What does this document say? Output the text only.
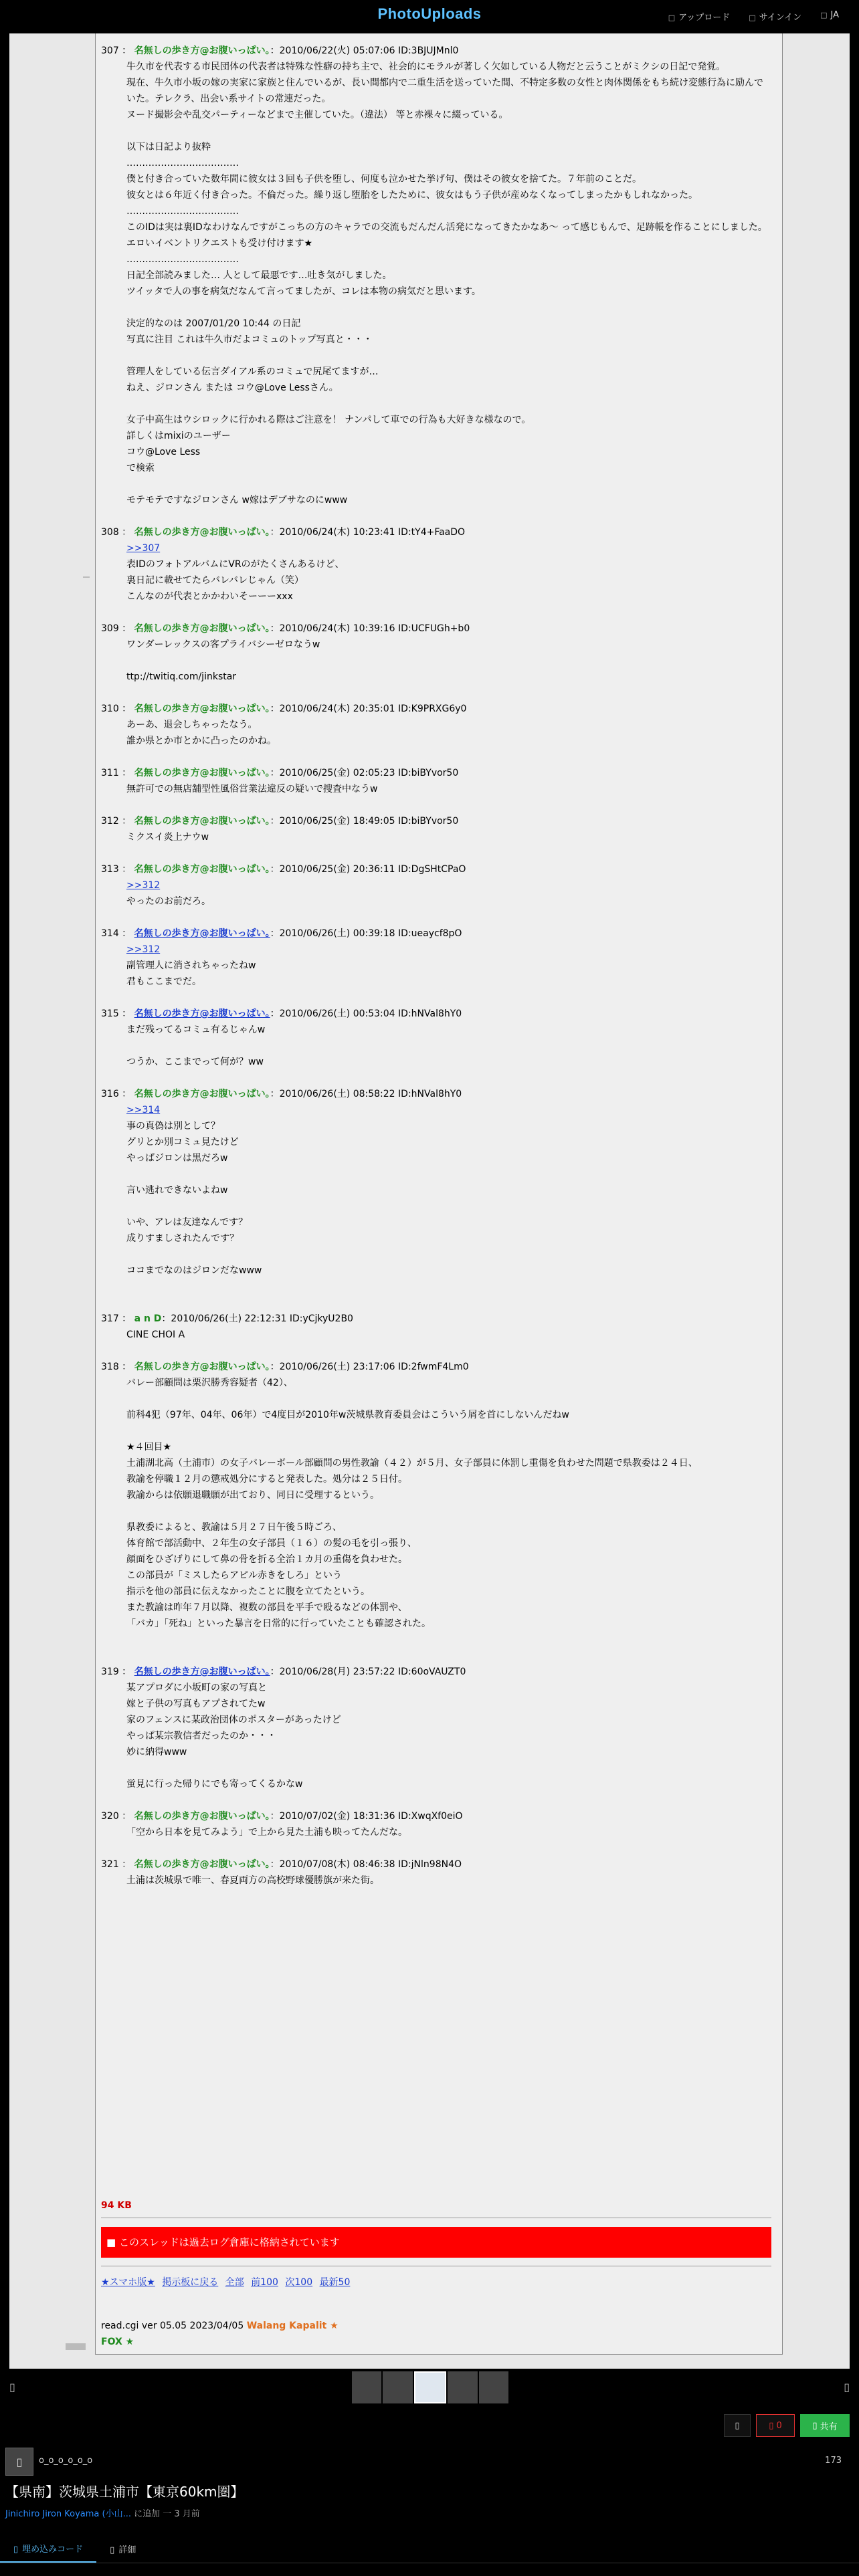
PhotoUploads	□ アップロード	□ サインイン	□ JA
307 ： 名無しの歩き方@お腹いっぱい。：2010/06/22(火) 05:07:06 ID:3BJUJMnl0
牛久市を代表する市民団体の代表者は特殊な性癖の持ち主で、社会的にモラルが著しく欠如している人物だと云うことがミクシの日記で発覚。
現在、牛久市小坂の嫁の実家に家族と住んでいるが、長い間都内で二重生活を送っていた間、不特定多数の女性と肉体関係をもち続け変態行為に励んでいた。テレクラ、出会い系サイトの常連だった。
ヌード撮影会や乱交パーティーなどまで主催していた。（違法） 等と赤裸々に綴っている。

以下は日記より抜粋
………………………………
僕と付き合っていた数年間に彼女は３回も子供を堕し、何度も泣かせた挙げ句、僕はその彼女を捨てた。７年前のことだ。
彼女とは６年近く付き合った。不倫だった。繰り返し堕胎をしたために、彼女はもう子供が産めなくなってしまったかもしれなかった。
………………………………
このIDは実は裏IDなわけなんですがこっちの方のキャラでの交流もだんだん活発になってきたかなあ～ って感じもんで、足跡帳を作ることにしました。エロいイベントリクエストも受け付けます★
………………………………
日記全部読みました… 人として最悪です…吐き気がしました。
ツイッタで人の事を病気だなんて言ってましたが、コレは本物の病気だと思います。

決定的なのは 2007/01/20 10:44 の日記
写真に注目 これは牛久市だよコミュのトップ写真と・・・

管理人をしている伝言ダイアル系のコミュで尻尾てますが…
ねえ、ジロンさん または コウ@Love Lessさん。

女子中高生はウシロックに行かれる際はご注意を！ ナンパして車での行為も大好きな様なので。
詳しくはmixiのユーザー
コウ@Love Less
で検索

モテモテですなジロンさん w嫁はデブサなのにwww
308 ： 名無しの歩き方@お腹いっぱい。：2010/06/24(木) 10:23:41 ID:tY4+FaaDO
>>307
表IDのフォトアルバムにVRのがたくさんあるけど、
裏日記に載せてたらバレバレじゃん（笑）
こんなのが代表とかかわいそーーーxxx
309 ： 名無しの歩き方@お腹いっぱい。：2010/06/24(木) 10:39:16 ID:UCFUGh+b0
ワンダーレックスの客プライバシーゼロなうw

ttp://twitiq.com/jinkstar
310 ： 名無しの歩き方@お腹いっぱい。：2010/06/24(木) 20:35:01 ID:K9PRXG6y0
あーあ、退会しちゃったなう。
誰か県とか市とかに凸ったのかね。
311 ： 名無しの歩き方@お腹いっぱい。：2010/06/25(金) 02:05:23 ID:biBYvor50
無許可での無店舗型性風俗営業法違反の疑いで捜査中なうw
312 ： 名無しの歩き方@お腹いっぱい。：2010/06/25(金) 18:49:05 ID:biBYvor50
ミクスイ炎上ナウw
313 ： 名無しの歩き方@お腹いっぱい。：2010/06/25(金) 20:36:11 ID:DgSHtCPaO
>>312
やったのお前だろ。
314 ： 名無しの歩き方@お腹いっぱい。：2010/06/26(土) 00:39:18 ID:ueaycf8pO
>>312
副管理人に消されちゃったねw
君もここまでだ。
315 ： 名無しの歩き方@お腹いっぱい。：2010/06/26(土) 00:53:04 ID:hNVal8hY0
まだ残ってるコミュ有るじゃんw

つうか、ここまでって何が？ww
316 ： 名無しの歩き方@お腹いっぱい。：2010/06/26(土) 08:58:22 ID:hNVal8hY0
>>314
事の真偽は別として？
グリとか別コミュ見たけど
やっぱジロンは黒だろw

言い逃れできないよねw

いや、アレは友達なんです？
成りすましされたんです？

ココまでなのはジロンだなwww

317 ： a n D：2010/06/26(土) 22:12:31 ID:yCjkyU2B0
CINE CHOI A
318 ： 名無しの歩き方@お腹いっぱい。：2010/06/26(土) 23:17:06 ID:2fwmF4Lm0
バレー部顧問は栗沢勝秀容疑者（42）、

前科4犯（97年、04年、06年）で4度目が2010年w茨城県教育委員会はこういう屑を首にしないんだねw

★４回目★
土浦湖北高（土浦市）の女子バレーボール部顧問の男性教諭（４２）が５月、女子部員に体罰し重傷を負わせた問題で県教委は２４日、
教諭を停職１２月の懲戒処分にすると発表した。処分は２５日付。
教諭からは依願退職願が出ており、同日に受理するという。

県教委によると、教諭は５月２７日午後５時ごろ、
体育館で部活動中、２年生の女子部員（１６）の髪の毛を引っ張り、
顔面をひざげりにして鼻の骨を折る全治１カ月の重傷を負わせた。
この部員が「ミスしたらアピル赤きをしろ」という
指示を他の部員に伝えなかったことに腹を立てたという。
また教諭は昨年７月以降、複数の部員を平手で殴るなどの体罰や、
「バカ」「死ね」といった暴言を日常的に行っていたことも確認された。

319 ： 名無しの歩き方@お腹いっぱい。：2010/06/28(月) 23:57:22 ID:60oVAUZT0
某アプロダに小坂町の家の写真と
嫁と子供の写真もアプされてたw
家のフェンスに某政治団体のポスターがあったけど
やっぱ某宗教信者だったのか・・・
妙に納得www

蛍見に行った帰りにでも寄ってくるかなw
320 ： 名無しの歩き方@お腹いっぱい。：2010/07/02(金) 18:31:36 ID:XwqXf0eiO
「空から日本を見てみよう」で上から見た土浦も映ってたんだな。
321 ： 名無しの歩き方@お腹いっぱい。：2010/07/08(木) 08:46:38 ID:jNln98N4O
土浦は茨城県で唯一、春夏両方の高校野球優勝旗が来た街。
94 KB
■ このスレッドは過去ログ倉庫に格納されています
★スマホ版★ 掲示板に戻る 全部 前100 次100 最新50
read.cgi ver 05.05 2023/04/05 Walang Kapalit ★
FOX ★
▯	▯
▯	▯
0	▯
共有
▯	o_o_o_o_o_o	173
【県南】茨城県土浦市【東京60km圏】
Jinichiro Jiron Koyama (小山... に追加 一 3 月前
▯ 埋め込みコード	▯ 詳細
